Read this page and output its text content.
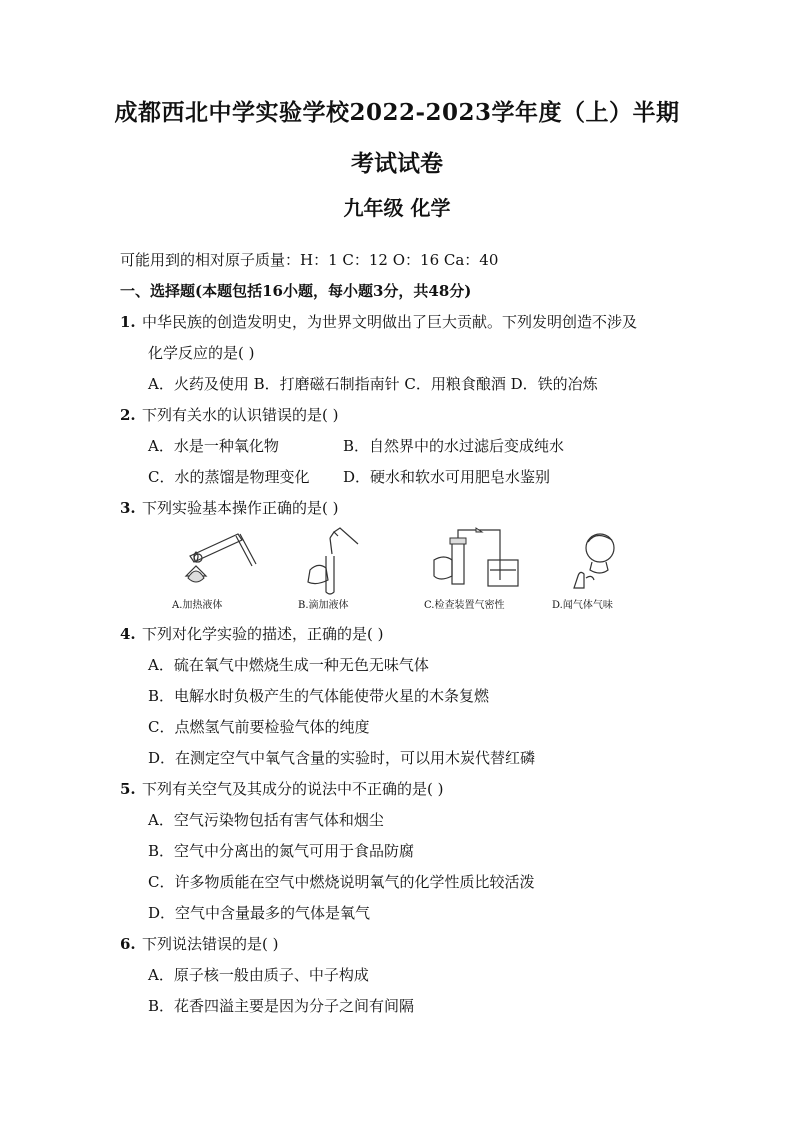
成都西北中学实验学校2022-2023学年度（上）半期
考试试卷
九年级 化学
可能用到的相对原子质量：H：1 C：12 O：16 Ca：40
一、选择题(本题包括16小题，每小题3分，共48分)
1. 中华民族的创造发明史，为世界文明做出了巨大贡献。下列发明创造不涉及
化学反应的是( )
A．火药及使用 B．打磨磁石制指南针 C．用粮食酿酒 D．铁的冶炼
2. 下列有关水的认识错误的是( )
A．水是一种氧化物	B．自然界中的水过滤后变成纯水
C．水的蒸馏是物理变化 D．硬水和软水可用肥皂水鉴别
3. 下列实验基本操作正确的是( )
A.加热液体	B.滴加液体	C.检查装置气密性	D.闻气体气味
4. 下列对化学实验的描述，正确的是( )
A．硫在氧气中燃烧生成一种无色无味气体
B．电解水时负极产生的气体能使带火星的木条复燃
C．点燃氢气前要检验气体的纯度
D．在测定空气中氧气含量的实验时，可以用木炭代替红磷
5. 下列有关空气及其成分的说法中不正确的是( )
A．空气污染物包括有害气体和烟尘
B．空气中分离出的氮气可用于食品防腐
C．许多物质能在空气中燃烧说明氧气的化学性质比较活泼
D．空气中含量最多的气体是氧气
6. 下列说法错误的是( )
A．原子核一般由质子、中子构成
B．花香四溢主要是因为分子之间有间隔
